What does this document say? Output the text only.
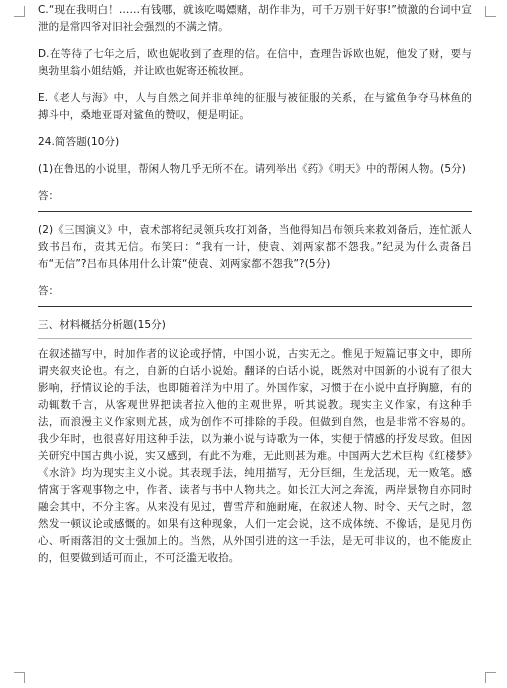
C.“现在我明白！……有钱哪，就该吃喝嫖赌，胡作非为，可千万别干好事!”愤激的台词中宣泄的是常四爷对旧社会强烈的不满之情。

D.在等待了七年之后，欧也妮收到了查理的信。在信中，查理告诉欧也妮，他发了财，要与奥勃里翁小姐结婚，并让欧也妮寄还梳妆匣。

E.《老人与海》中，人与自然之间并非单纯的征服与被征服的关系，在与鲨鱼争夺马林鱼的搏斗中，桑地亚哥对鲨鱼的赞叹，便是明证。

24.简答题(10分)

(1)在鲁迅的小说里，帮闲人物几乎无所不在。请列举出《药》《明天》中的帮闲人物。(5分)

答：

(2)《三国演义》中，袁术部将纪灵领兵攻打刘备，当他得知吕布领兵来救刘备后，连忙派人致书吕布，责其无信。布笑曰：“我有一计，使袁、刘两家都不怨我。”纪灵为什么责备吕布“无信”?吕布具体用什么计策“使袁、刘两家都不怨我”?(5分)

答：

三、材料概括分析题(15分)

在叙述描写中，时加作者的议论或抒情，中国小说，古实无之。惟见于短篇记事文中，即所谓夹叙夹论也。有之，自新的白话小说始。翻译的白话小说，既然对中国新的小说有了很大影响，抒情议论的手法，也即随着洋为中用了。外国作家，习惯于在小说中直抒胸臆，有的动辄数千言，从客观世界把读者拉入他的主观世界，听其说教。现实主义作家，有这种手法，而浪漫主义作家则尤甚，成为创作不可排除的手段。但做到自然，也是非常不容易的。我少年时，也很喜好用这种手法，以为兼小说与诗歌为一体，实便于情感的抒发尽致。但因关研究中国古典小说，实又感到，有此不为难，无此则甚为难。中国两大艺术巨构《红楼梦》《水浒》均为现实主义小说。其表现手法，纯用描写，无分巨细，生龙活现，无一败笔。感情寓于客观事物之中，作者、读者与书中人物共之。如长江大河之奔流，两岸景物自亦同时融会其中，不分主客。从来没有见过，曹雪芹和施耐庵，在叙述人物、时令、天气之时，忽然发一顿议论或感慨的。如果有这种现象，人们一定会说，这不成体统、不像话，是见月伤心、听雨落泪的文士强加上的。当然，从外国引进的这一手法，是无可非议的，也不能废止的，但要做到适可而止，不可泛滥无收拾。
